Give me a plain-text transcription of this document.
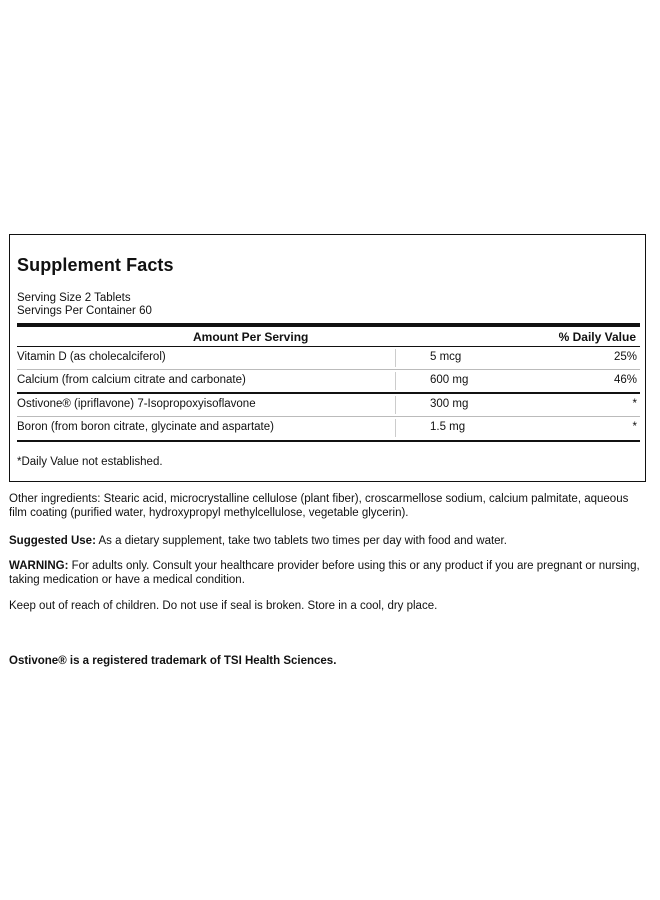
Supplement Facts
Serving Size 2 Tablets
Servings Per Container 60
Amount Per Serving	% Daily Value
Vitamin D (as cholecalciferol)	5 mcg	25%
Calcium (from calcium citrate and carbonate)	600 mg	46%
Ostivone® (ipriflavone) 7-Isopropoxyisoflavone	300 mg	*
Boron (from boron citrate, glycinate and aspartate)	1.5 mg	*
*Daily Value not established.
Other ingredients: Stearic acid, microcrystalline cellulose (plant fiber), croscarmellose sodium, calcium palmitate, aqueous film coating (purified water, hydroxypropyl methylcellulose, vegetable glycerin).
Suggested Use: As a dietary supplement, take two tablets two times per day with food and water.
WARNING: For adults only. Consult your healthcare provider before using this or any product if you are pregnant or nursing, taking medication or have a medical condition.
Keep out of reach of children. Do not use if seal is broken. Store in a cool, dry place.
Ostivone® is a registered trademark of TSI Health Sciences.
